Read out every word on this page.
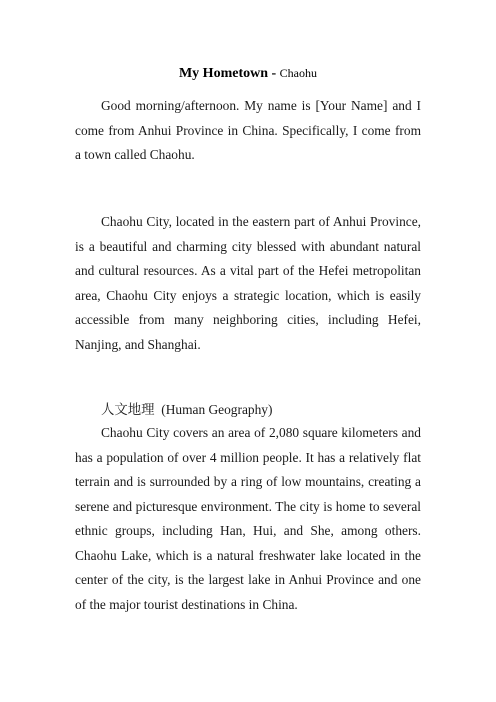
My Hometown - Chaohu

Good morning/afternoon. My name is [Your Name] and I come from Anhui Province in China. Specifically, I come from a town called Chaohu.

Chaohu City, located in the eastern part of Anhui Province, is a beautiful and charming city blessed with abundant natural and cultural resources. As a vital part of the Hefei metropolitan area, Chaohu City enjoys a strategic location, which is easily accessible from many neighboring cities, including Hefei, Nanjing, and Shanghai.

人文地理  (Human Geography)

Chaohu City covers an area of 2,080 square kilometers and has a population of over 4 million people. It has a relatively flat terrain and is surrounded by a ring of low mountains, creating a serene and picturesque environment. The city is home to several ethnic groups, including Han, Hui, and She, among others. Chaohu Lake, which is a natural freshwater lake located in the center of the city, is the largest lake in Anhui Province and one of the major tourist destinations in China.
